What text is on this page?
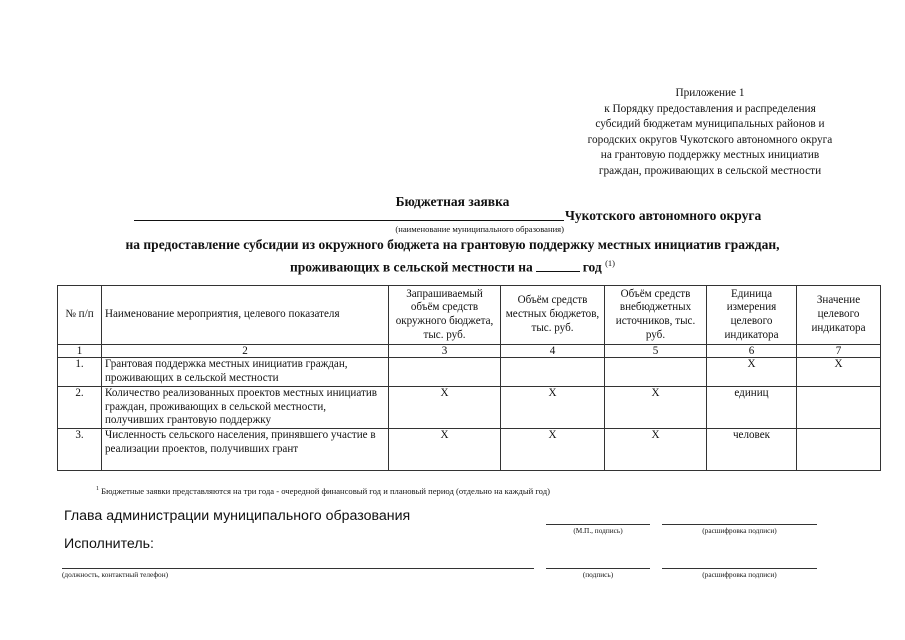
Приложение 1
к Порядку предоставления и распределения
субсидий бюджетам муниципальных районов и
городских округов Чукотского автономного округа
на грантовую поддержку местных инициатив
граждан, проживающих в сельской местности
Бюджетная заявка
Чукотского автономного округа
(наименование муниципального образования)
на предоставление субсидии из окружного бюджета на грантовую поддержку местных инициатив граждан,
проживающих в сельской местности на	год $^{(1)}$
№ п/п	Наименование мероприятия, целевого показателя	Запрашиваемый объём средств окружного бюджета, тыс. руб.	Объём средств местных бюджетов, тыс. руб.	Объём средств внебюджетных источников, тыс. руб.	Единица измерения целевого индикатора	Значение целевого индикатора
1	2	3	4	5	6	7
1.	Грантовая поддержка местных инициатив граждан, проживающих в сельской местности				Х	Х
2.	Количество реализованных проектов местных инициатив граждан, проживающих в сельской местности, получивших грантовую поддержку	Х	Х	Х	единиц	
3.	Численность сельского населения, принявшего участие в реализации проектов, получивших грант	Х	Х	Х	человек	
$^1$ Бюджетные заявки представляются на три года - очередной финансовый год и плановый период (отдельно на каждый год)
Глава администрации муниципального образования
(М.П., подпись)	(расшифровка подписи)
Исполнитель:
(должность, контактный телефон)	(подпись)	(расшифровка подписи)
